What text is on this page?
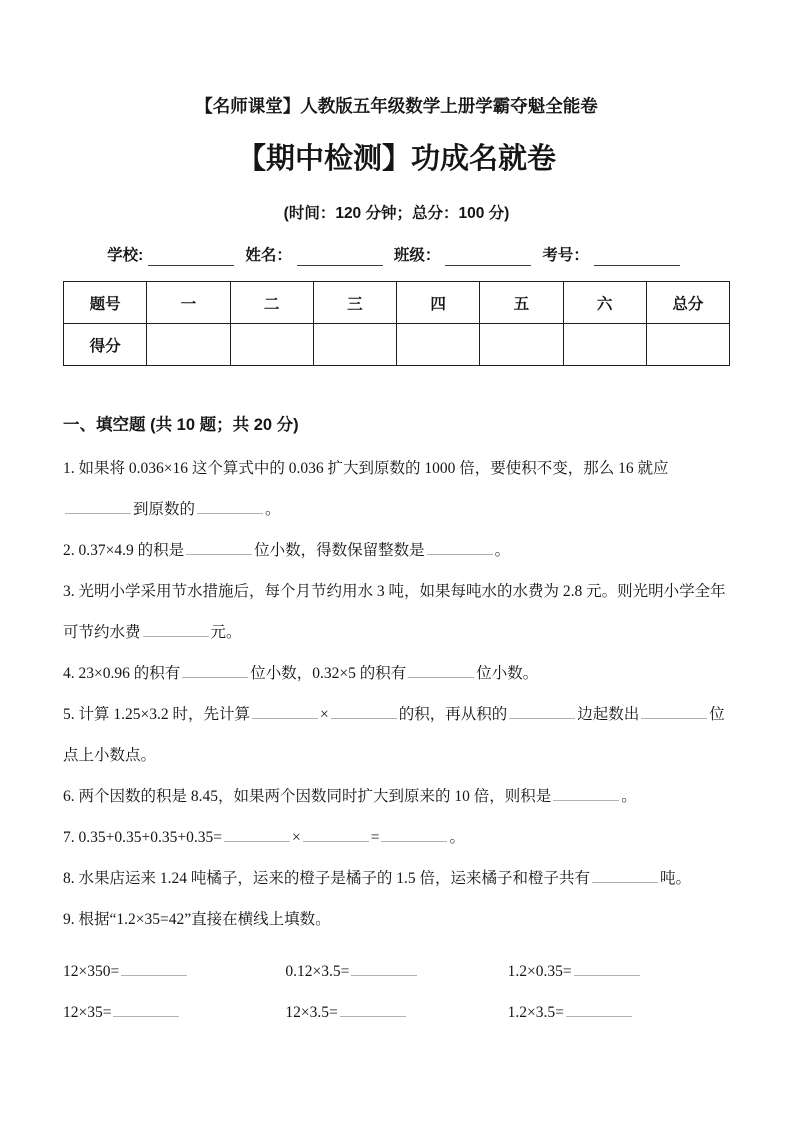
【名师课堂】人教版五年级数学上册学霸夺魁全能卷
【期中检测】功成名就卷
(时间：120 分钟；总分：100 分)
学校:	姓名：	班级：	考号：
题号	一	二	三	四	五	六	总分
得分							
一、填空题 (共 10 题；共 20 分)

1. 如果将 0.036×16 这个算式中的 0.036 扩大到原数的 1000 倍，要使积不变，那么 16 就应到原数的	。

2. 0.37×4.9 的积是	位小数，得数保留整数是	。

3. 光明小学采用节水措施后，每个月节约用水 3 吨，如果每吨水的水费为 2.8 元。则光明小学全年可节约水费	元。

4. 23×0.96 的积有	位小数，0.32×5 的积有	位小数。

5. 计算 1.25×3.2 时，先计算	×	的积，再从积的	边起数出	位点上小数点。

6. 两个因数的积是 8.45，如果两个因数同时扩大到原来的 10 倍，则积是	。

7. 0.35+0.35+0.35+0.35=	×	=	。

8. 水果店运来 1.24 吨橘子，运来的橙子是橘子的 1.5 倍，运来橘子和橙子共有	吨。

9. 根据“1.2×35=42”直接在横线上填数。

12×350=	0.12×3.5=	1.2×0.35=
12×35=	12×3.5=	1.2×3.5=
